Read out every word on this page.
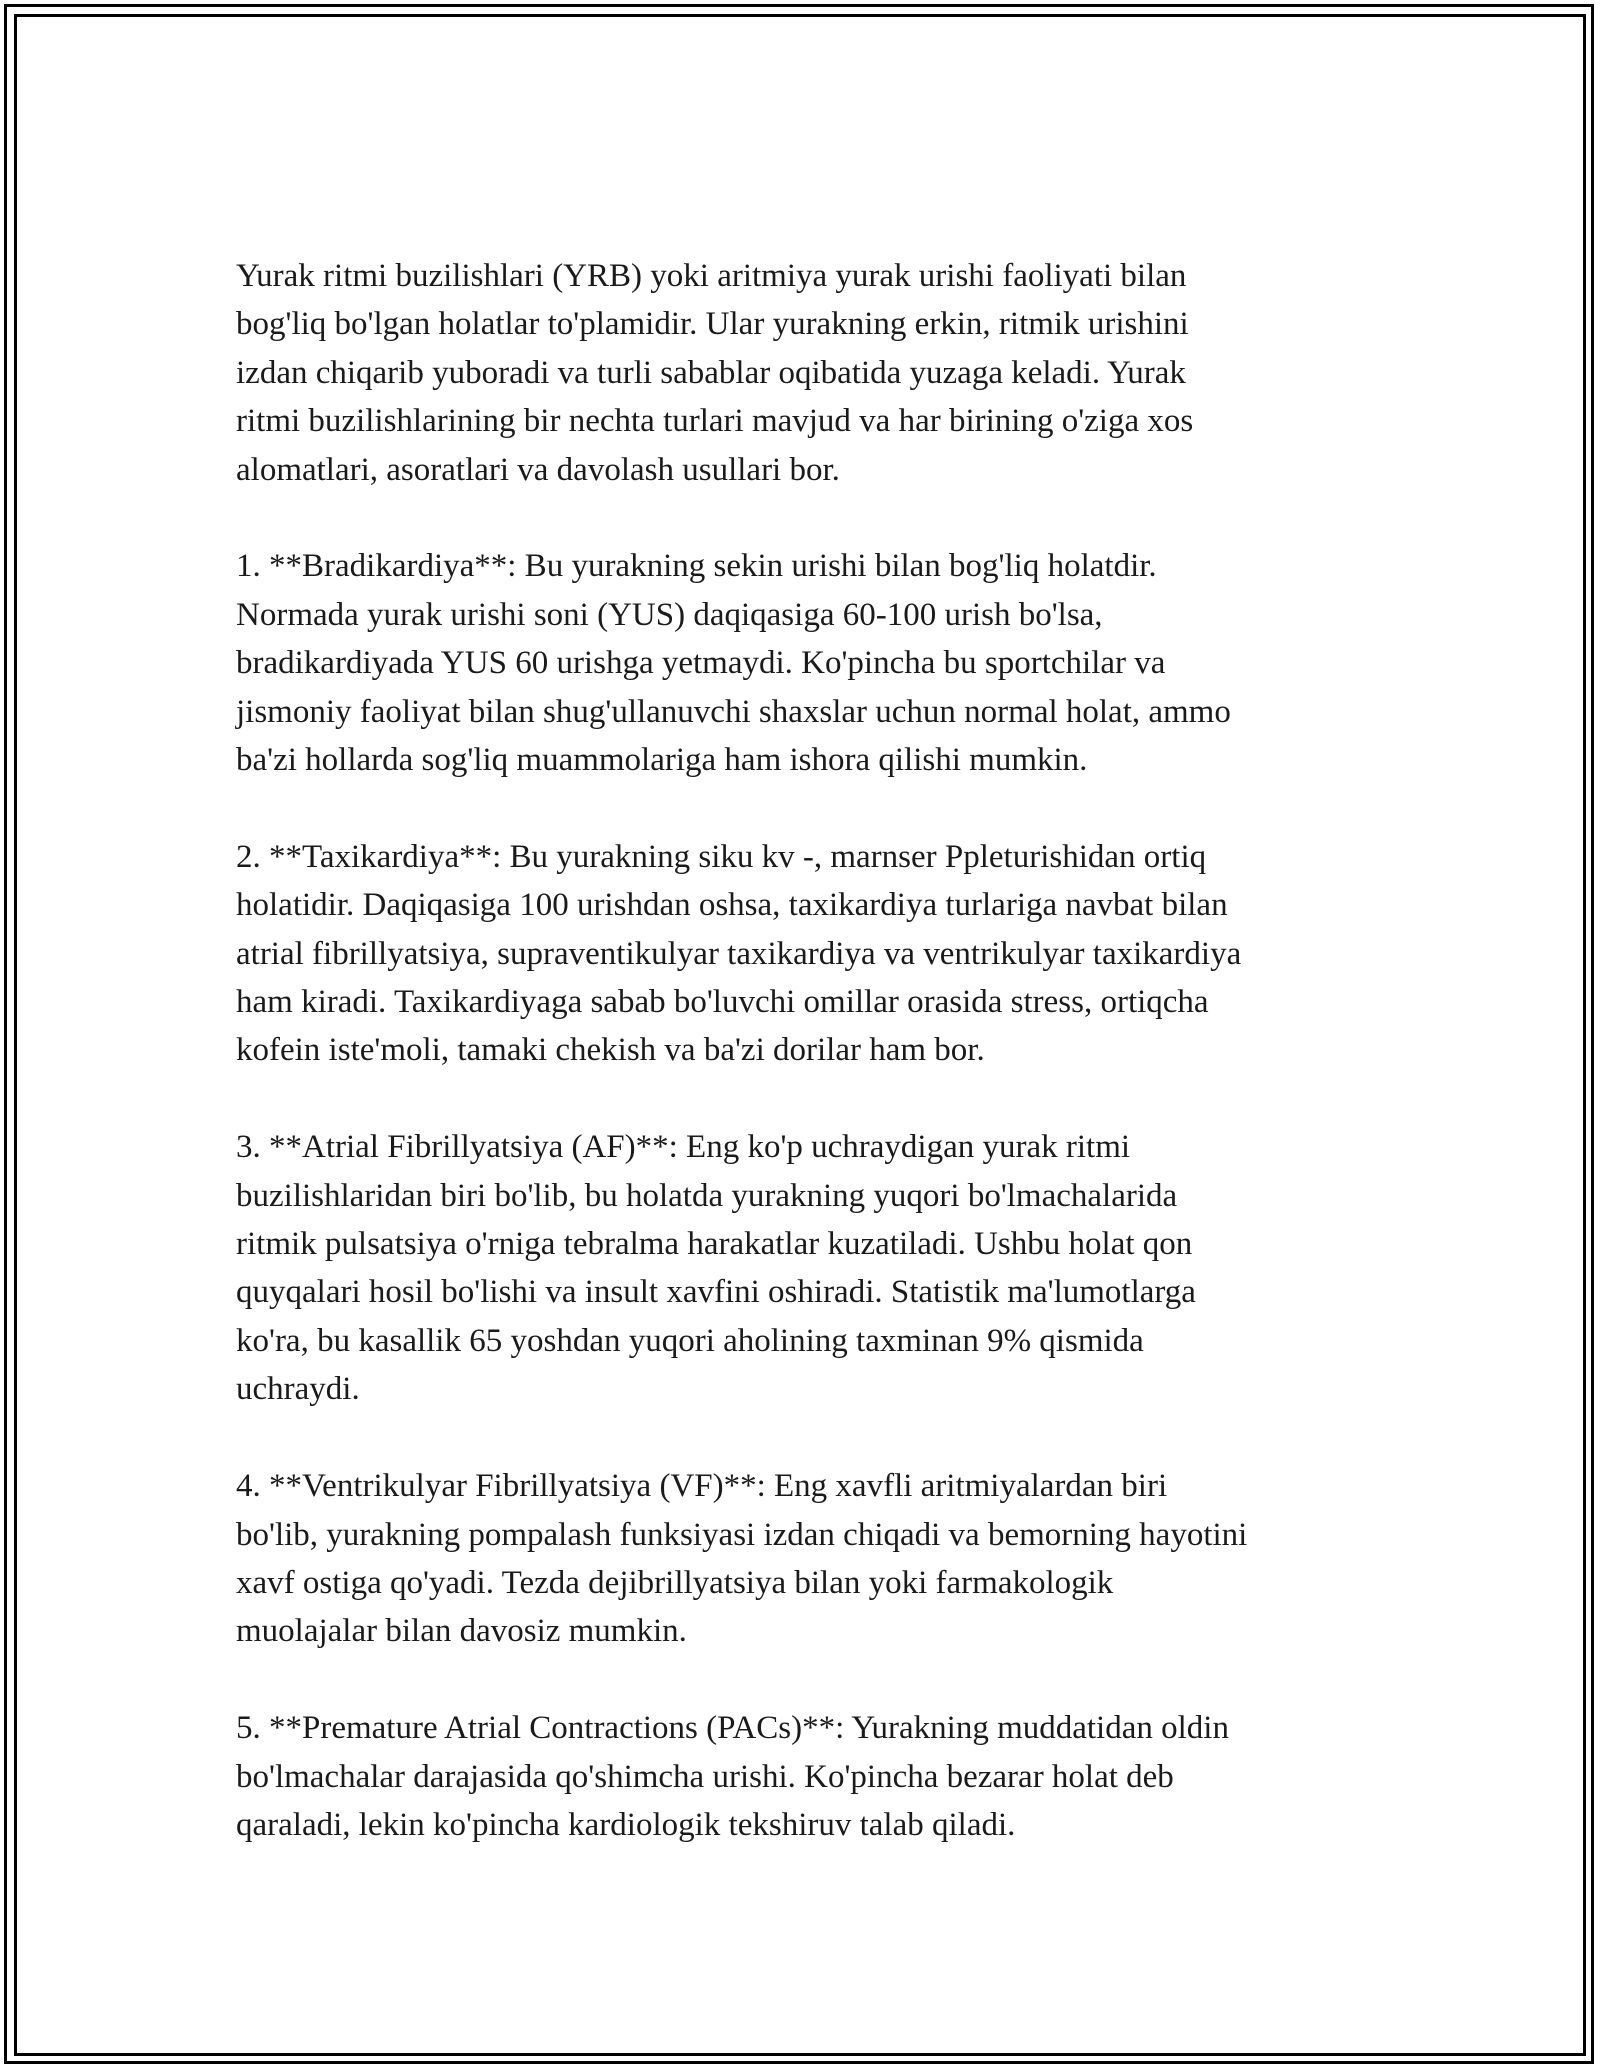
Yurak ritmi buzilishlari (YRB) yoki aritmiya yurak urishi faoliyati bilan
bog'liq bo'lgan holatlar to'plamidir. Ular yurakning erkin, ritmik urishini
izdan chiqarib yuboradi va turli sabablar oqibatida yuzaga keladi. Yurak
ritmi buzilishlarining bir nechta turlari mavjud va har birining o'ziga xos
alomatlari, asoratlari va davolash usullari bor.

1. **Bradikardiya**: Bu yurakning sekin urishi bilan bog'liq holatdir.
Normada yurak urishi soni (YUS) daqiqasiga 60-100 urish bo'lsa,
bradikardiyada YUS 60 urishga yetmaydi. Ko'pincha bu sportchilar va
jismoniy faoliyat bilan shug'ullanuvchi shaxslar uchun normal holat, ammo
ba'zi hollarda sog'liq muammolariga ham ishora qilishi mumkin.

2. **Taxikardiya**: Bu yurakning siku kv -, marnser Ppleturishidan ortiq
holatidir. Daqiqasiga 100 urishdan oshsa, taxikardiya turlariga navbat bilan
atrial fibrillyatsiya, supraventikulyar taxikardiya va ventrikulyar taxikardiya
ham kiradi. Taxikardiyaga sabab bo'luvchi omillar orasida stress, ortiqcha
kofein iste'moli, tamaki chekish va ba'zi dorilar ham bor.

3. **Atrial Fibrillyatsiya (AF)**: Eng ko'p uchraydigan yurak ritmi
buzilishlaridan biri bo'lib, bu holatda yurakning yuqori bo'lmachalarida
ritmik pulsatsiya o'rniga tebralma harakatlar kuzatiladi. Ushbu holat qon
quyqalari hosil bo'lishi va insult xavfini oshiradi. Statistik ma'lumotlarga
ko'ra, bu kasallik 65 yoshdan yuqori aholining taxminan 9% qismida
uchraydi.

4. **Ventrikulyar Fibrillyatsiya (VF)**: Eng xavfli aritmiyalardan biri
bo'lib, yurakning pompalash funksiyasi izdan chiqadi va bemorning hayotini
xavf ostiga qo'yadi. Tezda dejibrillyatsiya bilan yoki farmakologik
muolajalar bilan davosiz mumkin.

5. **Premature Atrial Contractions (PACs)**: Yurakning muddatidan oldin
bo'lmachalar darajasida qo'shimcha urishi. Ko'pincha bezarar holat deb
qaraladi, lekin ko'pincha kardiologik tekshiruv talab qiladi.
